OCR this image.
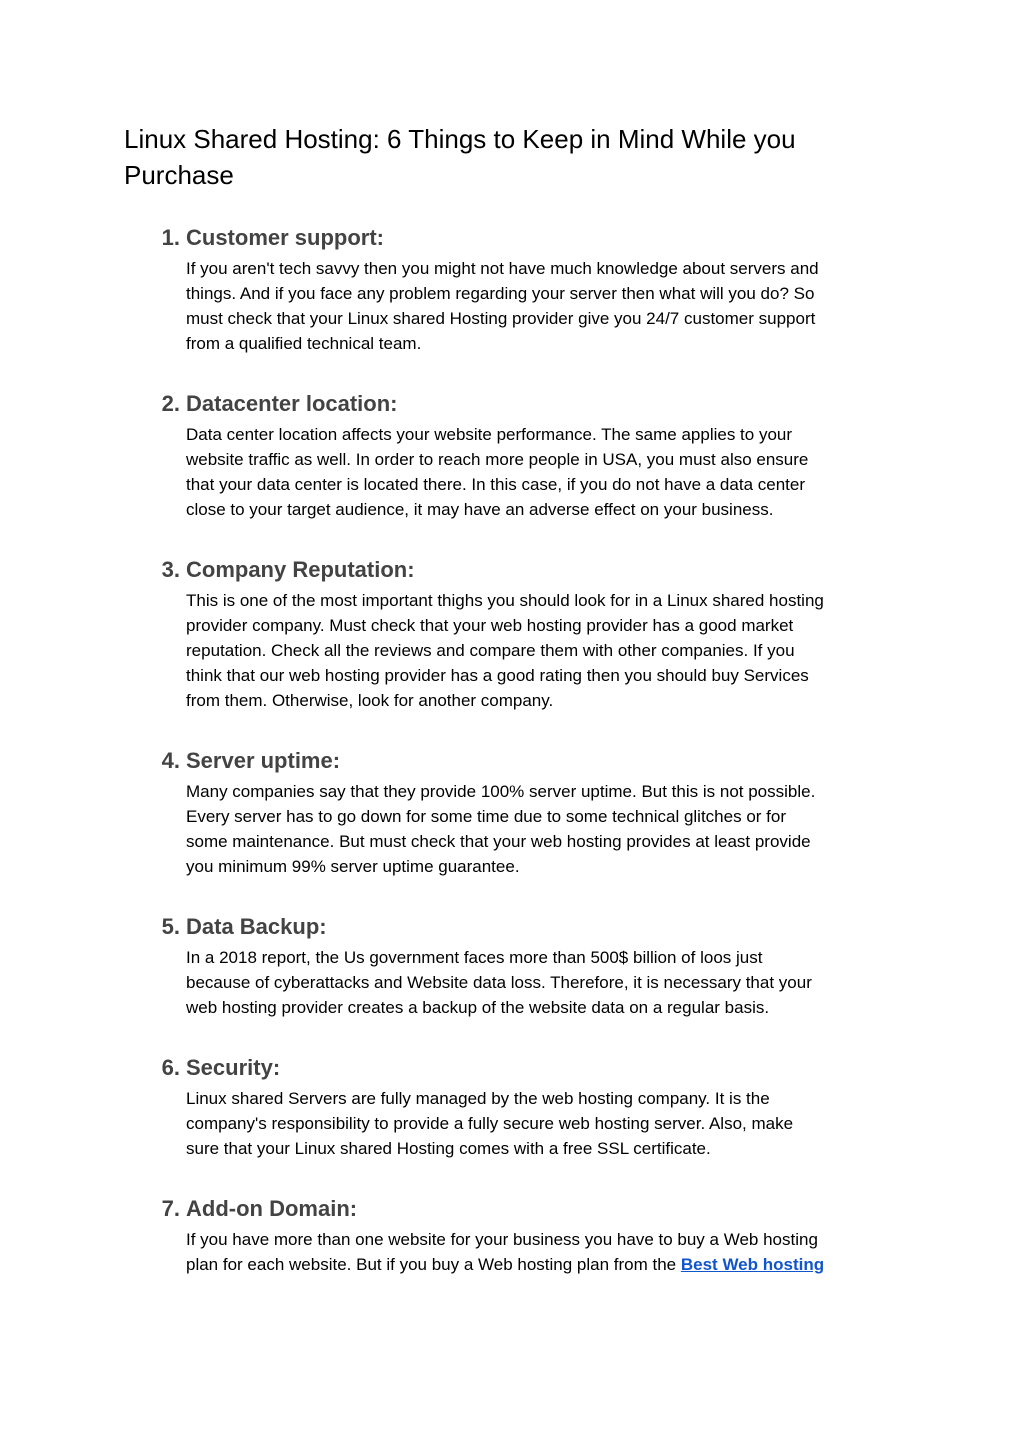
Linux Shared Hosting: 6 Things to Keep in Mind While you
Purchase
1. Customer support:

If you aren't tech savvy then you might not have much knowledge about servers and
things. And if you face any problem regarding your server then what will you do? So
must check that your Linux shared Hosting provider give you 24/7 customer support
from a qualified technical team.

2. Datacenter location:

Data center location affects your website performance. The same applies to your
website traffic as well. In order to reach more people in USA, you must also ensure
that your data center is located there. In this case, if you do not have a data center
close to your target audience, it may have an adverse effect on your business.

3. Company Reputation:

This is one of the most important thighs you should look for in a Linux shared hosting
provider company. Must check that your web hosting provider has a good market
reputation. Check all the reviews and compare them with other companies. If you
think that our web hosting provider has a good rating then you should buy Services
from them. Otherwise, look for another company.

4. Server uptime:

Many companies say that they provide 100% server uptime. But this is not possible.
Every server has to go down for some time due to some technical glitches or for
some maintenance. But must check that your web hosting provides at least provide
you minimum 99% server uptime guarantee.

5. Data Backup:

In a 2018 report, the Us government faces more than 500$ billion of loos just
because of cyberattacks and Website data loss. Therefore, it is necessary that your
web hosting provider creates a backup of the website data on a regular basis.

6. Security:

Linux shared Servers are fully managed by the web hosting company. It is the
company's responsibility to provide a fully secure web hosting server. Also, make
sure that your Linux shared Hosting comes with a free SSL certificate.

7. Add-on Domain:

If you have more than one website for your business you have to buy a Web hosting
plan for each website. But if you buy a Web hosting plan from the Best Web hosting
